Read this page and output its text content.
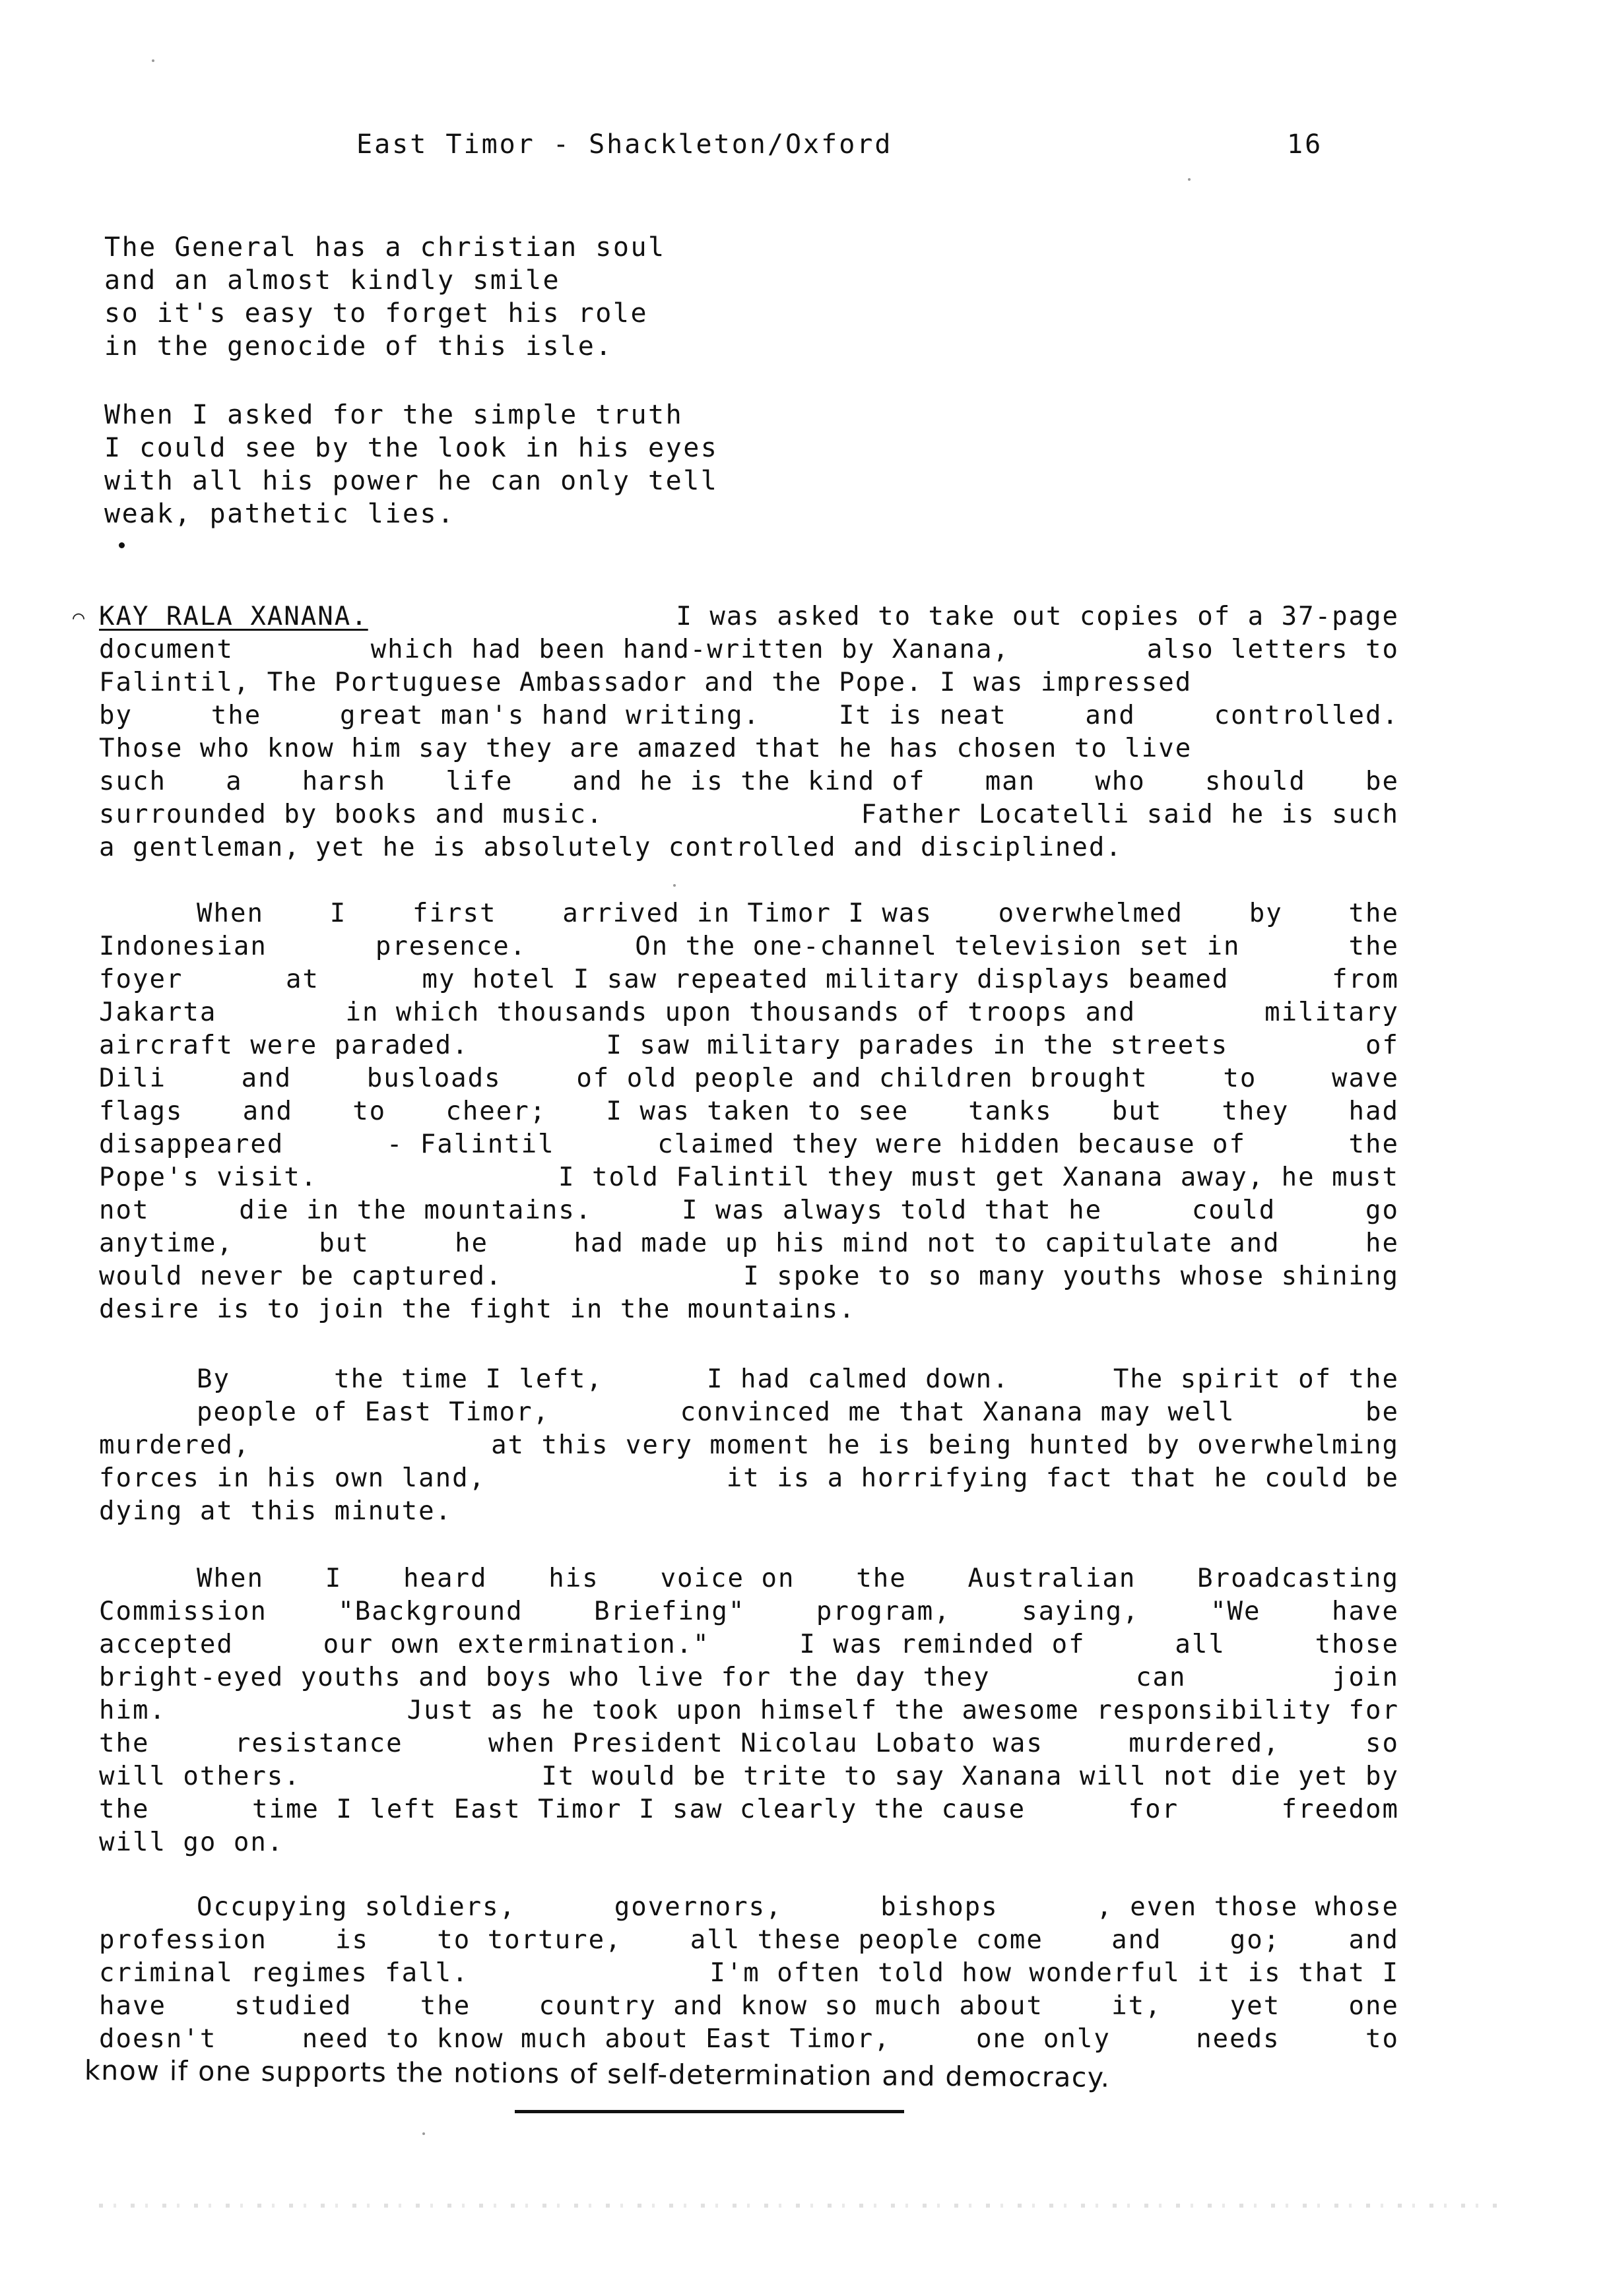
East Timor - Shackleton/Oxford	16
The General has a christian soul
and an almost kindly smile
so it's easy to forget his role
in the genocide of this isle.
When I asked for the simple truth
I could see by the look in his eyes
with all his power he can only tell
weak, pathetic lies.
⌒ KAY RALA XANANA.	I was asked to take out copies of a 37-page
document	which had been hand-written by Xanana,	also letters to
Falintil, The Portuguese Ambassador and the Pope. I was impressed
by	the	great man's hand writing.	It is neat	and	controlled.
Those who know him say they are amazed that he has chosen to live
such a harsh life and he is the kind of man who should be
surrounded by books and music.	Father Locatelli said he is such
a gentleman, yet he is absolutely controlled and disciplined.
When	I	first	arrived in Timor I was	overwhelmed	by	the
Indonesian	presence.	On the one-channel television set in	the
foyer	at	my hotel I saw repeated military displays beamed	from
Jakarta	in which thousands upon thousands of troops and	military
aircraft were paraded.	I saw military parades in the streets	of
Dili	and	busloads	of old people and children brought	to	wave
flags and to cheer; I was taken to see tanks but they had
disappeared	- Falintil	claimed they were hidden because of	the
Pope's visit.	I told Falintil they must get Xanana away, he must
not	die in the mountains.	I was always told that he	could	go
anytime,	but	he	had made up his mind not to capitulate and	he
would never be captured.	I spoke to so many youths whose shining
desire is to join the fight in the mountains.
By	the time I left,	I had calmed down.	The spirit of the
people of East Timor,	convinced me that Xanana may well	be
murdered,	at this very moment he is being hunted by overwhelming
forces in his own land,	it is a horrifying fact that he could be
dying at this minute.
When I heard his voice on the Australian Broadcasting
Commission	"Background	Briefing"	program,	saying,	"We	have
accepted	our own extermination."	I was reminded of	all	those
bright-eyed youths and boys who live for the day they	can	join
him.	Just as he took upon himself the awesome responsibility for
the	resistance	when President Nicolau Lobato was	murdered,	so
will others.	It would be trite to say Xanana will not die yet by
the	time I left East Timor I saw clearly the cause	for	freedom
will go on.
Occupying soldiers,	governors,	bishops	, even those whose
profession	is	to torture,	all these people come	and	go;	and
criminal regimes fall.	I'm often told how wonderful it is that I
have	studied	the	country and know so much about	it,	yet	one
doesn't	need to know much about East Timor,	one only	needs	to
know if one supports the notions of self-determination and democracy.
